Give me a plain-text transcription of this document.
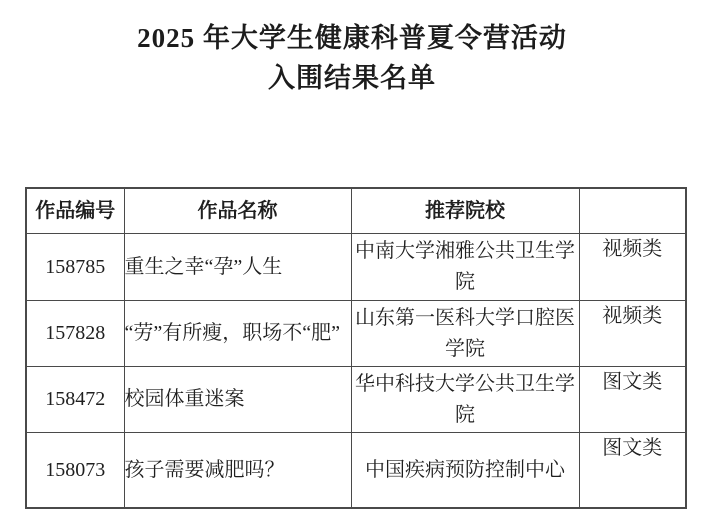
2025 年大学生健康科普夏令营活动
入围结果名单
作品编号	作品名称	推荐院校	
158785	重生之幸“孕”人生	中南大学湘雅公共卫生学院	视频类
157828	“劳”有所瘦，职场不“肥”	山东第一医科大学口腔医学院	视频类
158472	校园体重迷案	华中科技大学公共卫生学院	图文类
158073	孩子需要减肥吗？	中国疾病预防控制中心	图文类
